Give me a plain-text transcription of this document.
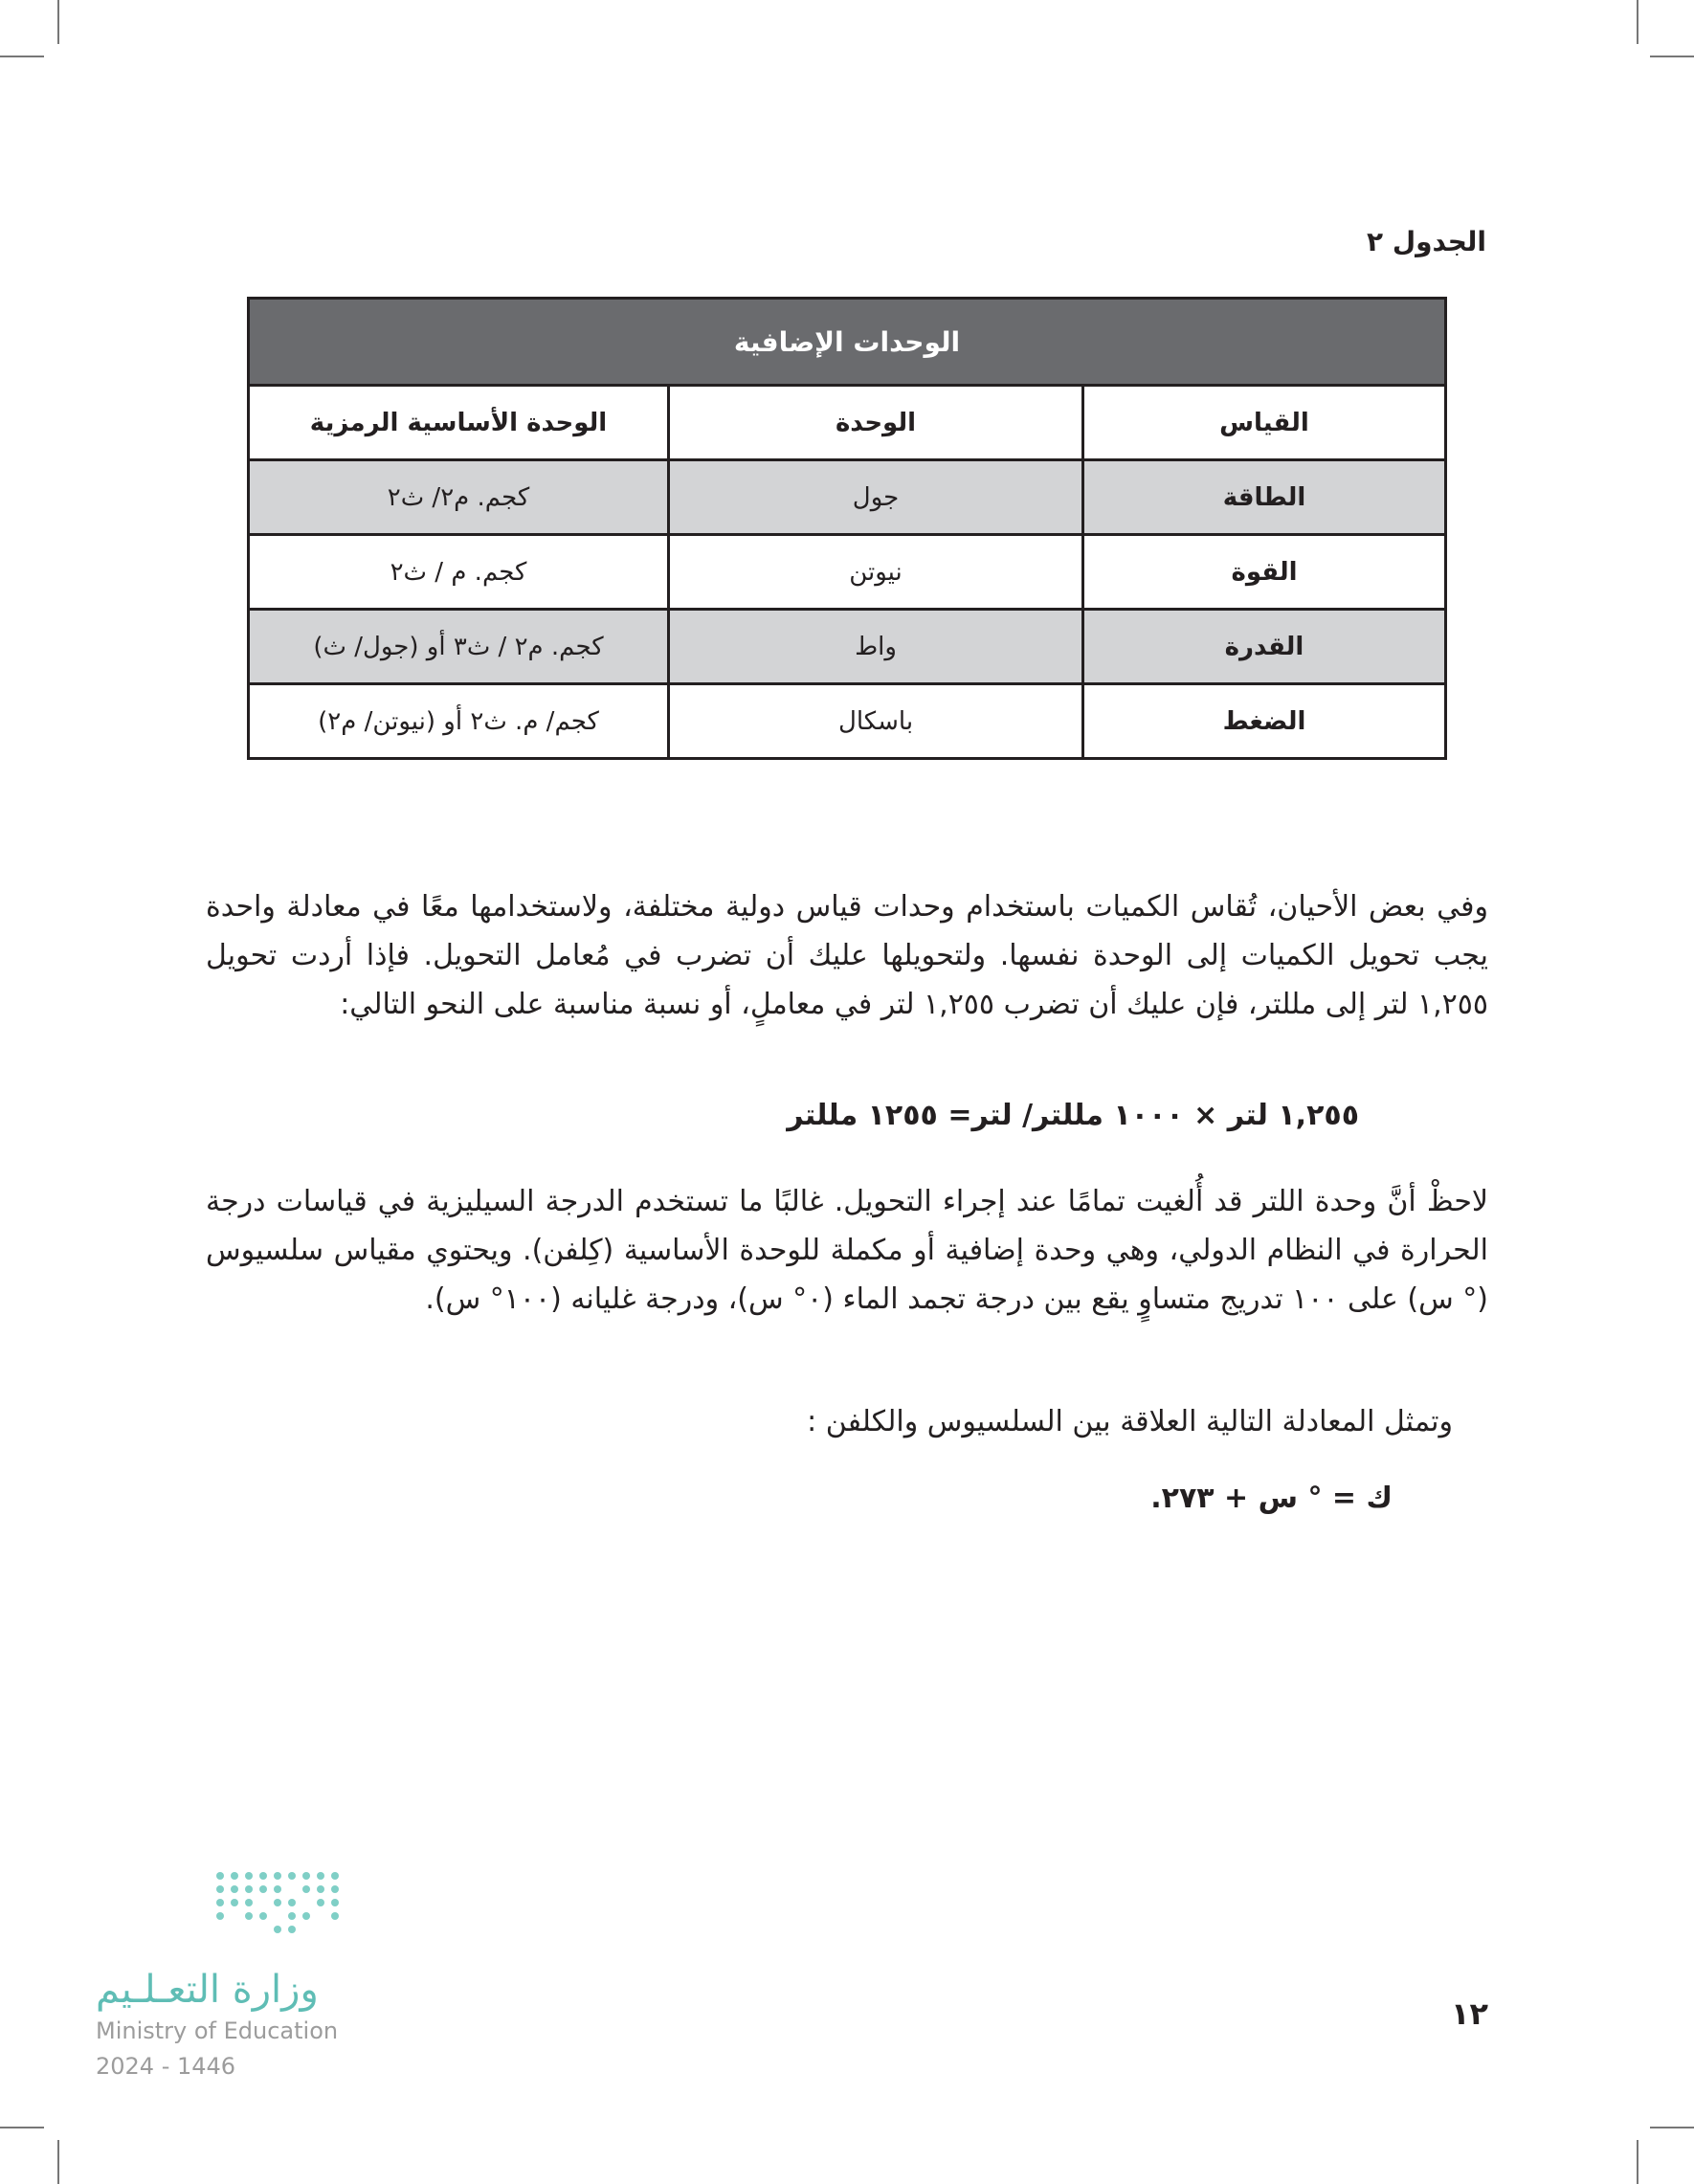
الجدول ٢

الوحدات الإضافية		
القياس	الوحدة	الوحدة الأساسية الرمزية
الطاقة	جول	كجم. م٢/ ث٢
القوة	نيوتن	كجم. م / ث٢
القدرة	واط	كجم. م٢ / ث٣ أو (جول/ ث)
الضغط	باسكال	كجم/ م. ث٢ أو (نيوتن/ م٢)

وفي بعض الأحيان، تُقاس الكميات باستخدام وحدات قياس دولية مختلفة، ولاستخدامها معًا في معادلة واحدة يجب تحويل الكميات إلى الوحدة نفسها. ولتحويلها عليك أن تضرب في مُعامل التحويل. فإذا أردت تحويل ١,٢٥٥ لتر إلى مللتر، فإن عليك أن تضرب ١,٢٥٥ لتر في معاملٍ، أو نسبة مناسبة على النحو التالي:

١,٢٥٥ لتر × ١٠٠٠ مللتر/ لتر= ١٢٥٥ مللتر

لاحظْ أنَّ وحدة اللتر قد أُلغيت تمامًا عند إجراء التحويل. غالبًا ما تستخدم الدرجة السيليزية في قياسات درجة الحرارة في النظام الدولي، وهي وحدة إضافية أو مكملة للوحدة الأساسية (كِلفن). ويحتوي مقياس سلسيوس (° س) على ١٠٠ تدريج متساوٍ يقع بين درجة تجمد الماء (٠° س)، ودرجة غليانه (١٠٠° س).

وتمثل المعادلة التالية العلاقة بين السلسيوس والكلفن :

ك = ° س + ٢٧٣.

وزارة التعـلـيم

Ministry of Education

2024 - 1446

١٢
